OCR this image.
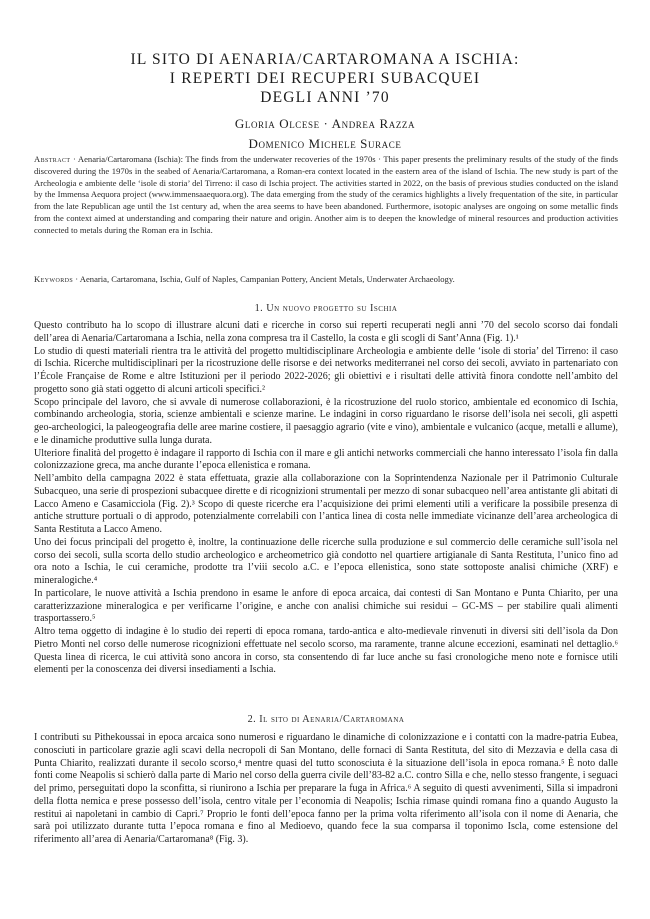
IL SITO DI AENARIA/CARTAROMANA A ISCHIA:
I REPERTI DEI RECUPERI SUBACQUEI
DEGLI ANNI ’70
Gloria Olcese · Andrea Razza
Domenico Michele Surace
Abstract · Aenaria/Cartaromana (Ischia): The finds from the underwater recoveries of the 1970s · This paper presents the preliminary results of the study of the finds discovered during the 1970s in the seabed of Aenaria/Cartaromana, a Roman-era context located in the eastern area of the island of Ischia. The new study is part of the Archeologia e ambiente delle ‘isole di storia’ del Tirreno: il caso di Ischia project. The activities started in 2022, on the basis of previous studies conducted on the island by the Immensa Aequora project (www.immensaaequora.org). The data emerging from the study of the ceramics highlights a lively frequentation of the site, in particular from the late Republican age until the 1st century ad, when the area seems to have been abandoned. Furthermore, isotopic analyses are ongoing on some metallic finds from the context aimed at understanding and comparing their nature and origin. Another aim is to deepen the knowledge of mineral resources and production activities connected to metals during the Roman era in Ischia.
Keywords · Aenaria, Cartaromana, Ischia, Gulf of Naples, Campanian Pottery, Ancient Metals, Underwater Archaeology.
1. Un nuovo progetto su Ischia

Questo contributo ha lo scopo di illustrare alcuni dati e ricerche in corso sui reperti recuperati negli anni ’70 del secolo scorso dai fondali dell’area di Aenaria/Cartaromana a Ischia, nella zona compresa tra il Castello, la costa e gli scogli di Sant’Anna (Fig. 1).¹

Lo studio di questi materiali rientra tra le attività del progetto multidisciplinare Archeologia e ambiente delle ‘isole di storia’ del Tirreno: il caso di Ischia. Ricerche multidisciplinari per la ricostruzione delle risorse e dei networks mediterranei nel corso dei secoli, avviato in partenariato con l’École Française de Rome e altre Istituzioni per il periodo 2022-2026; gli obiettivi e i risultati delle attività finora condotte nell’ambito del progetto sono già stati oggetto di alcuni articoli specifici.²

Scopo principale del lavoro, che si avvale di numerose collaborazioni, è la ricostruzione del ruolo storico, ambientale ed economico di Ischia, combinando archeologia, storia, scienze ambientali e scienze marine. Le indagini in corso riguardano le risorse dell’isola nei secoli, gli aspetti geo-archeologici, la paleogeografia delle aree marine costiere, il paesaggio agrario (vite e vino), ambientale e vulcanico (acque, metalli e allume), e le dinamiche produttive sulla lunga durata.

Ulteriore finalità del progetto è indagare il rapporto di Ischia con il mare e gli antichi networks commerciali che hanno interessato l’isola fin dalla colonizzazione greca, ma anche durante l’epoca ellenistica e romana.

Nell’ambito della campagna 2022 è stata effettuata, grazie alla collaborazione con la Soprintendenza Nazionale per il Patrimonio Culturale Subacqueo, una serie di prospezioni subacquee dirette e di ricognizioni strumentali per mezzo di sonar subacqueo nell’area antistante gli abitati di Lacco Ameno e Casamicciola (Fig. 2).³ Scopo di queste ricerche era l’acquisizione dei primi elementi utili a verificare la possibile presenza di antiche strutture portuali o di approdo, potenzialmente correlabili con l’antica linea di costa nelle immediate vicinanze dell’area archeologica di Santa Restituta a Lacco Ameno.

Uno dei focus principali del progetto è, inoltre, la continuazione delle ricerche sulla produzione e sul commercio delle ceramiche sull’isola nel corso dei secoli, sulla scorta dello studio archeologico e archeometrico già condotto nel quartiere artigianale di Santa Restituta, l’unico fino ad ora noto a Ischia, le cui ceramiche, prodotte tra l’viii secolo a.C. e l’epoca ellenistica, sono state sottoposte analisi chimiche (XRF) e mineralogiche.⁴

In particolare, le nuove attività a Ischia prendono in esame le anfore di epoca arcaica, dai contesti di San Montano e Punta Chiarito, per una caratterizzazione mineralogica e per verificarne l’origine, e anche con analisi chimiche sui residui – GC-MS – per stabilire quali alimenti trasportassero.⁵

Altro tema oggetto di indagine è lo studio dei reperti di epoca romana, tardo-antica e alto-medievale rinvenuti in diversi siti dell’isola da Don Pietro Monti nel corso delle numerose ricognizioni effettuate nel secolo scorso, ma raramente, tranne alcune eccezioni, esaminati nel dettaglio.⁶ Questa linea di ricerca, le cui attività sono ancora in corso, sta consentendo di far luce anche su fasi cronologiche meno note e fornisce utili elementi per la conoscenza dei diversi insediamenti a Ischia.

2. Il sito di Aenaria/Cartaromana

I contributi su Pithekoussai in epoca arcaica sono numerosi e riguardano le dinamiche di colonizzazione e i contatti con la madre-patria Eubea, conosciuti in particolare grazie agli scavi della necropoli di San Montano, delle fornaci di Santa Restituta, del sito di Mezzavia e della casa di Punta Chiarito, realizzati durante il secolo scorso,⁴ mentre quasi del tutto sconosciuta è la situazione dell’isola in epoca romana.⁵ È noto dalle fonti come Neapolis si schierò dalla parte di Mario nel corso della guerra civile dell’83-82 a.C. contro Silla e che, nello stesso frangente, i seguaci del primo, perseguitati dopo la sconfitta, si riunirono a Ischia per preparare la fuga in Africa.⁶ A seguito di questi avvenimenti, Silla si impadronì della flotta nemica e prese possesso dell’isola, centro vitale per l’economia di Neapolis; Ischia rimase quindi romana fino a quando Augusto la restituì ai napoletani in cambio di Capri.⁷ Proprio le fonti dell’epoca fanno per la prima volta riferimento all’isola con il nome di Aenaria, che sarà poi utilizzato durante tutta l’epoca romana e fino al Medioevo, quando fece la sua comparsa il toponimo Iscla, come estensione del riferimento all’area di Aenaria/Cartaromana⁸ (Fig. 3).
